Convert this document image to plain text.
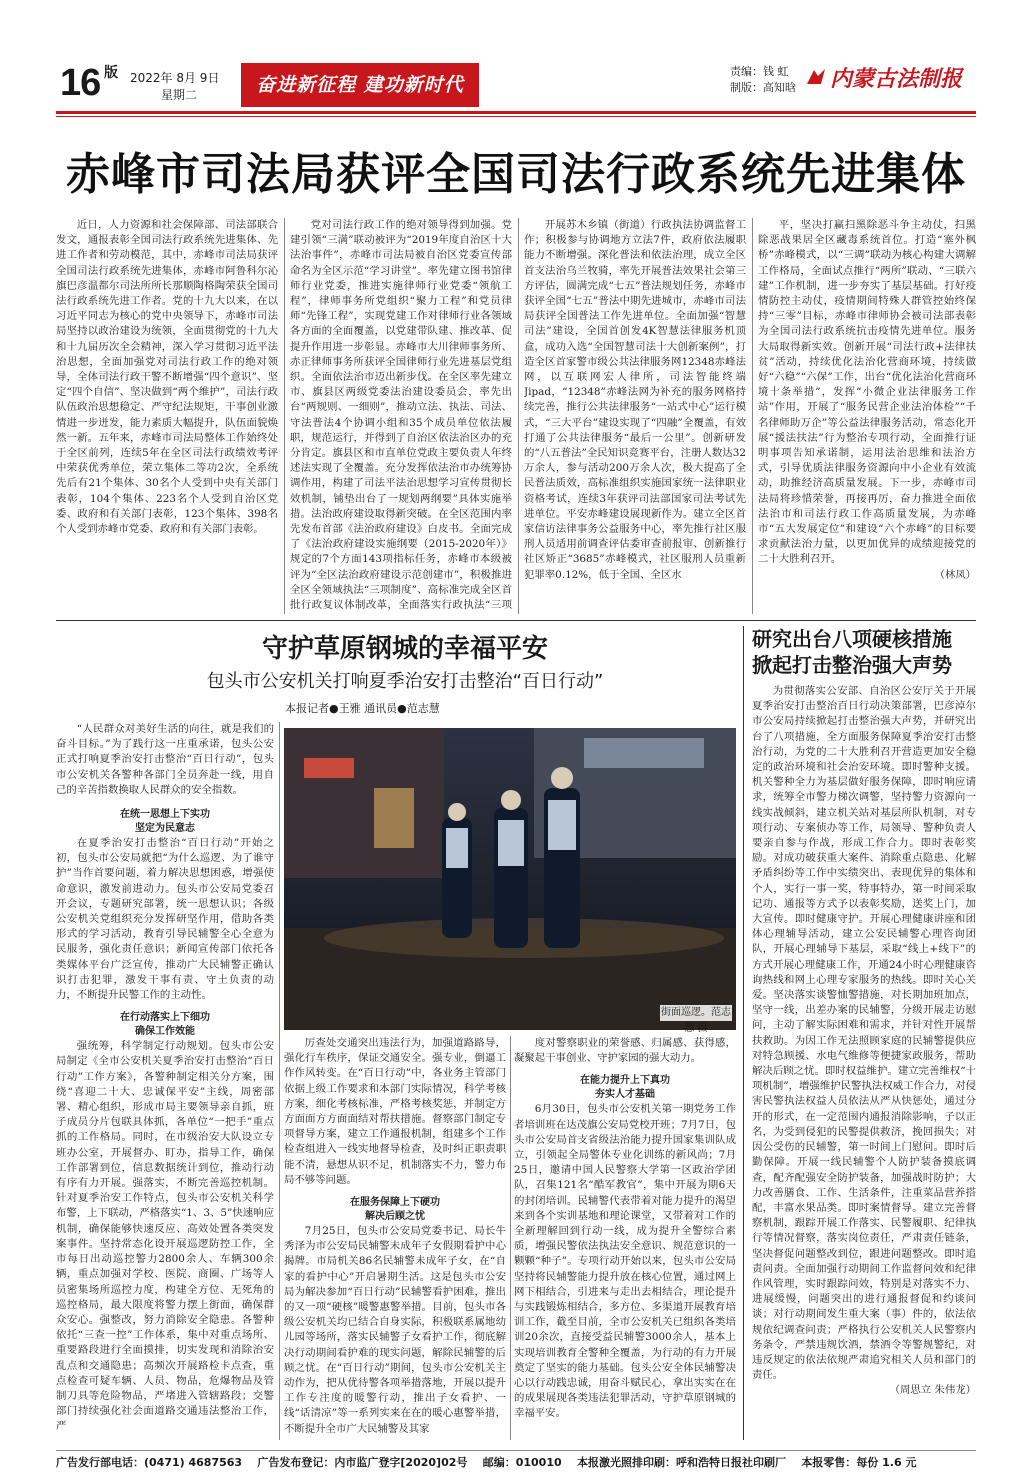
16 版 2022年 8月 9日
星期二	奋进新征程 建功新时代
责编：钱 虹
制版：高知晗 内蒙古法制报
赤峰市司法局获评全国司法行政系统先进集体

近日，人力资源和社会保障部、司法部联合发文，通报表彰全国司法行政系统先进集体、先进工作者和劳动模范，其中，赤峰市司法局获评全国司法行政系统先进集体，赤峰市阿鲁科尔沁旗巴彦温都尔司法所所长那顺陶格陶荣获全国司法行政系统先进工作者。党的十九大以来，在以习近平同志为核心的党中央领导下，赤峰市司法局坚持以政治建设为统领，全面贯彻党的十九大和十九届历次全会精神，深入学习贯彻习近平法治思想，全面加强党对司法行政工作的绝对领导，全体司法行政干警不断增强“四个意识”、坚定“四个自信”、坚决做到“两个维护”，司法行政队伍政治思想稳定、严守纪法规矩，干事创业激情进一步迸发，能力素质大幅提升，队伍面貌焕然一新。五年来，赤峰市司法局整体工作始终处于全区前列，连续5年在全区司法行政绩效考评中荣获优秀单位，荣立集体二等功2次，全系统先后有21个集体、30名个人受到中央有关部门表彰，104个集体、223名个人受到自治区党委、政府和有关部门表彰，123个集体、398名个人受到赤峰市党委、政府和有关部门表彰。

党对司法行政工作的绝对领导得到加强。党建引领“三满”联动被评为“2019年度自治区十大法治事件”，赤峰市司法局被自治区党委宣传部命名为全区示范“学习讲堂”。率先建立图书馆律师行业党委，推进实施律师行业党委“领航工程”，律师事务所党组织“聚力工程”和党员律师“先锋工程”，实现党建工作对律师行业各领域各方面的全面覆盖，以党建带队建、推改革、促提升作用进一步彰显。赤峰市大川律师事务所、赤正律师事务所获评全国律师行业先进基层党组织。全面依法治市迈出新步伐。在全区率先建立市、旗县区两级党委法治建设委员会，率先出台“两规则、一细则”，推动立法、执法、司法、守法普法4个协调小组和35个成员单位依法履职，规范运行，并得到了自治区依法治区办的充分肯定。旗县区和市直单位党政主要负责人年终述法实现了全覆盖。充分发挥依法治市办统筹协调作用，构建了司法平法治思想学习宣传贯彻长效机制，铺垫出台了一规划两纲要”具体实施举措。法治政府建设取得新突破。在全区范围内率先发布首部《法治政府建设》白皮书。全面完成了《法治政府建设实施纲要（2015-2020年）》规定的7个方面143项指标任务，赤峰市本级被评为“全区法治政府建设示范创建市”，积极推进全区全领域执法“三项制度”、高标准完成全区首批行政复议体制改革，全面落实行政执法“三项

开展苏木乡镇（街道）行政执法协调监督工作；积极参与协调地方立法7件，政府依法履职能力不断增强。深化普法和依法治理，成立全区首支法治乌兰牧骑，率先开展普法效果社会第三方评估，圆满完成“七五”普法规划任务，赤峰市获评全国“七五”普法中期先进城市，赤峰市司法局获评全国普法工作先进单位。全面加强“智慧司法”建设，全国首创发4K智慧法律服务机顶盒，成功入选“全国智慧司法十大创新案例”，打造全区首家警市级公共法律服务网12348赤峰法网，以互联网宏人律所，司法智能终端Jipad，“12348”赤峰法网为补充的服务网格持续完善，推行公共法律服务“一站式中心”运行模式，“三大平台”建设实现了“四融”全覆盖，有效打通了公共法律服务“最后一公里”。创新研发的“八五普法”全民知识竞赛平台，注册人数达32万余人，参与活动200万余人次，极大提高了全民普法质效，高标准组织实施国家统一法律职业资格考试，连续3年获评司法部国家司法考试先进单位。平安赤峰建设展现新作为。建立全区首家信访法律事务公益服务中心，率先推行社区服刑人员适用前调查评估委审查前报审、创新推行社区矫正“3685”赤峰模式，社区服刑人员重新犯罪率0.12%，低于全国、全区水

平，坚决打赢扫黑除恶斗争主动仗，扫黑除恶战果居全区藏毒系统首位。打造“塞外枫桥”赤峰模式，以“三调”联动为核心构建大调解工作格局，全面试点推行“两所”联动、“三联六建”工作机制，进一步夯实了基层基础。打好疫情防控主动仗，疫情期间特殊人群管控始终保持“三零”目标，赤峰市律师协会被司法部表彰为全国司法行政系统抗击疫情先进单位。服务大局取得新实效。创新开展“司法行政+法律扶贫”活动，持续优化法治化营商环境，持续做好“六稳”“六保”工作，出台“优化法治化营商环境十条举措”，发挥“小微企业法律服务工作站”作用，开展了“服务民营企业法治体检”“千名律师助万企”等公益法律服务活动，常态化开展“援法扶法”行为整治专项行动，全面推行证明事项告知承诺制，运用法治思维和法治方式，引导优质法律服务资源向中小企业有效流动，助推经济高质量发展。下一步，赤峰市司法局将珍惜荣誉，再接再厉，奋力推进全面依法治市和司法行政工作高质量发展，为赤峰市“五大发展定位”和建设“六个赤峰”的目标要求贡献法治力量，以更加优异的成绩迎接党的二十大胜利召开。

（林凤）
守护草原钢城的幸福平安
包头市公安机关打响夏季治安打击整治“百日行动”
本报记者●王雅 通讯员●范志慧
街面巡逻。范志慧 摄

“人民群众对美好生活的向往，就是我们的奋斗目标。”为了践行这一庄重承诺，包头公安正式打响夏季治安打击整治“百日行动”，包头市公安机关各警种各部门全员奔赴一线，用自己的辛苦指数换取人民群众的安全指数。

在统一思想上下实功
坚定为民意志

在夏季治安打击整治“百日行动”开始之初，包头市公安局就把“为什么巡逻、为了谁守护”当作首要问题，着力解决思想困惑，增强使命意识，激发前进动力。包头市公安局党委召开会议，专题研究部署，统一思想认识；各级公安机关党组织充分发挥研坚作用，借助各类形式的学习活动，教育引导民辅警全心全意为民服务，强化责任意识；新闻宣传部门依托各类媒体平台广泛宣传，推动广大民辅警正确认识打击犯罪，激发干事有责、守土负责的动力，不断提升民警工作的主动性。

在行动落实上下细功
确保工作效能

强统筹，科学制定行动规划。包头市公安局制定《全市公安机关夏季治安打击整治“百日行动”工作方案》，各警种制定相关分方案，围绕“喜迎二十大、忠诚保平安”主线，周密部署、精心组织，形成市局主要领导亲自抓，班子成员分片包联具体抓，各单位“一把手”重点抓的工作格局。同时，在市级治安大队设立专班办公室，开展督办、盯办，指导工作，确保工作部署到位，信息数据统计到位，推动行动有序有力开展。强落实，不断完善巡控机制。针对夏季治安工作特点，包头市公安机关科学布警，上下联动，严格落实“1、3、5”快速响应机制，确保能够快速反应、高效处置各类突发案事件。坚持常态化设开展巡逻防控工作，全市每日出动巡控警力2800余人、车辆300余辆，重点加强对学校、医院、商圈、广场等人员密集场所巡控力度，构建全方位、无死角的巡控格局，最大限度将警力摆上街面，确保群众安心。强整改，努力消除安全隐患。各警种依托“三查一控”工作体系，集中对重点场所、重要路段进行全面摸排，切实发现和消除治安乱点和交通隐患；高频次开展路检卡点查，重点检查可疑车辆、人员、物品，危爆物品及管制刀具等危险物品，严堵进入管辖路段；交警部门持续强化社会面道路交通违法整治工作，严

厉查处交通突出违法行为，加强道路路导，强化行车秩序，保证交通安全。强专业，倒逼工作作风转变。在“百日行动”中，各业务主管部门依据上级工作要求和本部门实际情况，科学考核方案，细化考核标准，严格考核奖惩，并制定方方面面方方面面结对帮扶措施。督察部门制定专项督导方案，建立工作通报机制，组建多个工作检查组进入一线实地督导检查，及时纠正职责职能不清，悬想从识不足，机制落实不力，警力布局不够等问题。

在服务保障上下硬功
解决后顾之忧

7月25日，包头市公安局党委书记、局长牛秀泽为市公安局民辅警未成年子女假期看护中心揭牌。市局机关86名民辅警未成年子女，在“自家的看护中心”开启暑期生活。这是包头市公安局为解决参加“百日行动”民辅警看护困难，推出的又一项“硬核”暖警惠警举措。目前，包头市各级公安机关均已结合自身实际，积极联系属地幼儿园等场所，落实民辅警子女看护工作，彻底解决行动期间看护难的现实问题，解除民辅警的后顾之忧。在“百日行动”期间，包头市公安机关主动作为，把从优待警各项举措落地，开展以提升工作专注度的暖警行动，推出子女看护、一线“话清凉”等一系列实来在在的暖心惠警举措，不断提升全市广大民辅警及其家

度对警察职业的荣誉感、归属感、获得感，凝聚起干事创业、守护家园的强大动力。

在能力提升上下真功
夯实人才基础

6月30日，包头市公安机关第一期党务工作者培训班在达茂旗公安局党校开班；7月7日，包头市公安局首支省级法治能力提升国家集训队成立，引领起全局警体专业化训练的新风尚；7月25日，邀请中国人民警察大学第一区政治学团队，召集121名“酷军教官”，集中开展为期6天的封闭培训。民辅警代表带着对能力提升的渴望来到各个实训基地和理论课堂，又带着对工作的全新理解回到行动一线，成为提升全警综合素质，增强民警依法执法安全意识、规范意识的一颗颗“种子”。专项行动开始以来，包头市公安局坚持将民辅警能力提升放在核心位置，通过网上网下相结合，引进来与走出去相结合，理论提升与实践锻炼相结合，多方位、多渠道开展教育培训工作，截至目前，全市公安机关已组织各类培训20余次，直接受益民辅警3000余人，基本上实现培训教育全警种全覆盖，为行动的有力开展奠定了坚实的能力基础。包头公安全体民辅警决心以行动践忠诚，用奋斗赋民心，拿出实实在在的成果展现各类违法犯罪活动，守护草原钢城的幸福平安。

研究出台八项硬核措施 掀起打击整治强大声势

为贯彻落实公安部、自治区公安厅关于开展夏季治安打击整治百日行动决策部署，巴彦淖尔市公安局持续掀起打击整治强大声势，并研究出台了八项措施，全方面服务保障夏季治安打击整治行动，为党的二十大胜利召开营造更加安全稳定的政治环境和社会治安环境。即时警种支援。机关警种全力为基层做好服务保障，即时响应请求，统筹全市警力梯次调警，坚持警力资源向一线实战倾斜，建立机关站对基层所队机制，对专项行动、专案侦办等工作，局领导、警种负责人要亲自参与作战，形成工作合力。即时表彰奖励。对成功破获重大案件、消除重点隐患、化解矛盾纠纷等工作中实绩突出、表现优异的集体和个人，实行一事一奖，特事特办，第一时间采取记功、通报等方式予以表彰奖励，送奖上门，加大宣传。即时健康守护。开展心理健康讲座和团体心理辅导活动，建立公安民辅警心理咨询团队，开展心理辅导下基层，采取“线上+线下”的方式开展心理健康工作，开通24小时心理健康咨询热线和网上心理专家服务的热线。即时关心关爱。坚决落实谈警恤警措施，对长期加班加点，坚守一线，出差办案的民辅警，分级开展走访慰问，主动了解实际困难和需求，并针对性开展帮扶救助。为因工作无法照顾家庭的民辅警提供应对特急顾援、水电气维修等便捷家政服务，帮助解决后顾之忧。即时权益维护。建立完善维权“十项机制”，增强维护民警执法权威工作合力，对侵害民警执法权益人员依法从严从快惩处，通过分开的形式，在一定范围内通报消除影响，子以正名，为受到侵犯的民警提供救济，挽回损失；对因公受伤的民辅警，第一时间上门慰问。即时后勤保障。开展一线民辅警个人防护装备摸底调查，配齐配强安全防护装备，加强战时防护；大力改善膳食、工作、生活条件，注重菜品营养搭配，丰富水果品类。即时案情督导。建立完善督察机制，跟踪开展工作落实、民警履职、纪律执行等情况督察，落实岗位责任，严肃责任链条，坚决督促问题整改到位，跟进问题整改。即时追责问责。全面加强行动期间工作监督问效和纪律作风管理，实时跟踪问效，特别是对落实不力、进展缓慢，问题突出的进行通报督促和约谈问谈；对行动期间发生重大案（事）件的，依法依规依纪调查问责；严格执行公安机关人民警察内务条令，严禁违规饮酒，禁酒令等警规警纪，对违反规定的依法依规严肃追究相关人员和部门的责任。

（周思立 朱伟龙）
广告发行部电话：(0471) 4687563 广告发布登记：内市监广登字[2020]02号 邮编：010010 本报激光照排印刷：呼和浩特日报社印刷厂 本报零售：每份 1.6 元
